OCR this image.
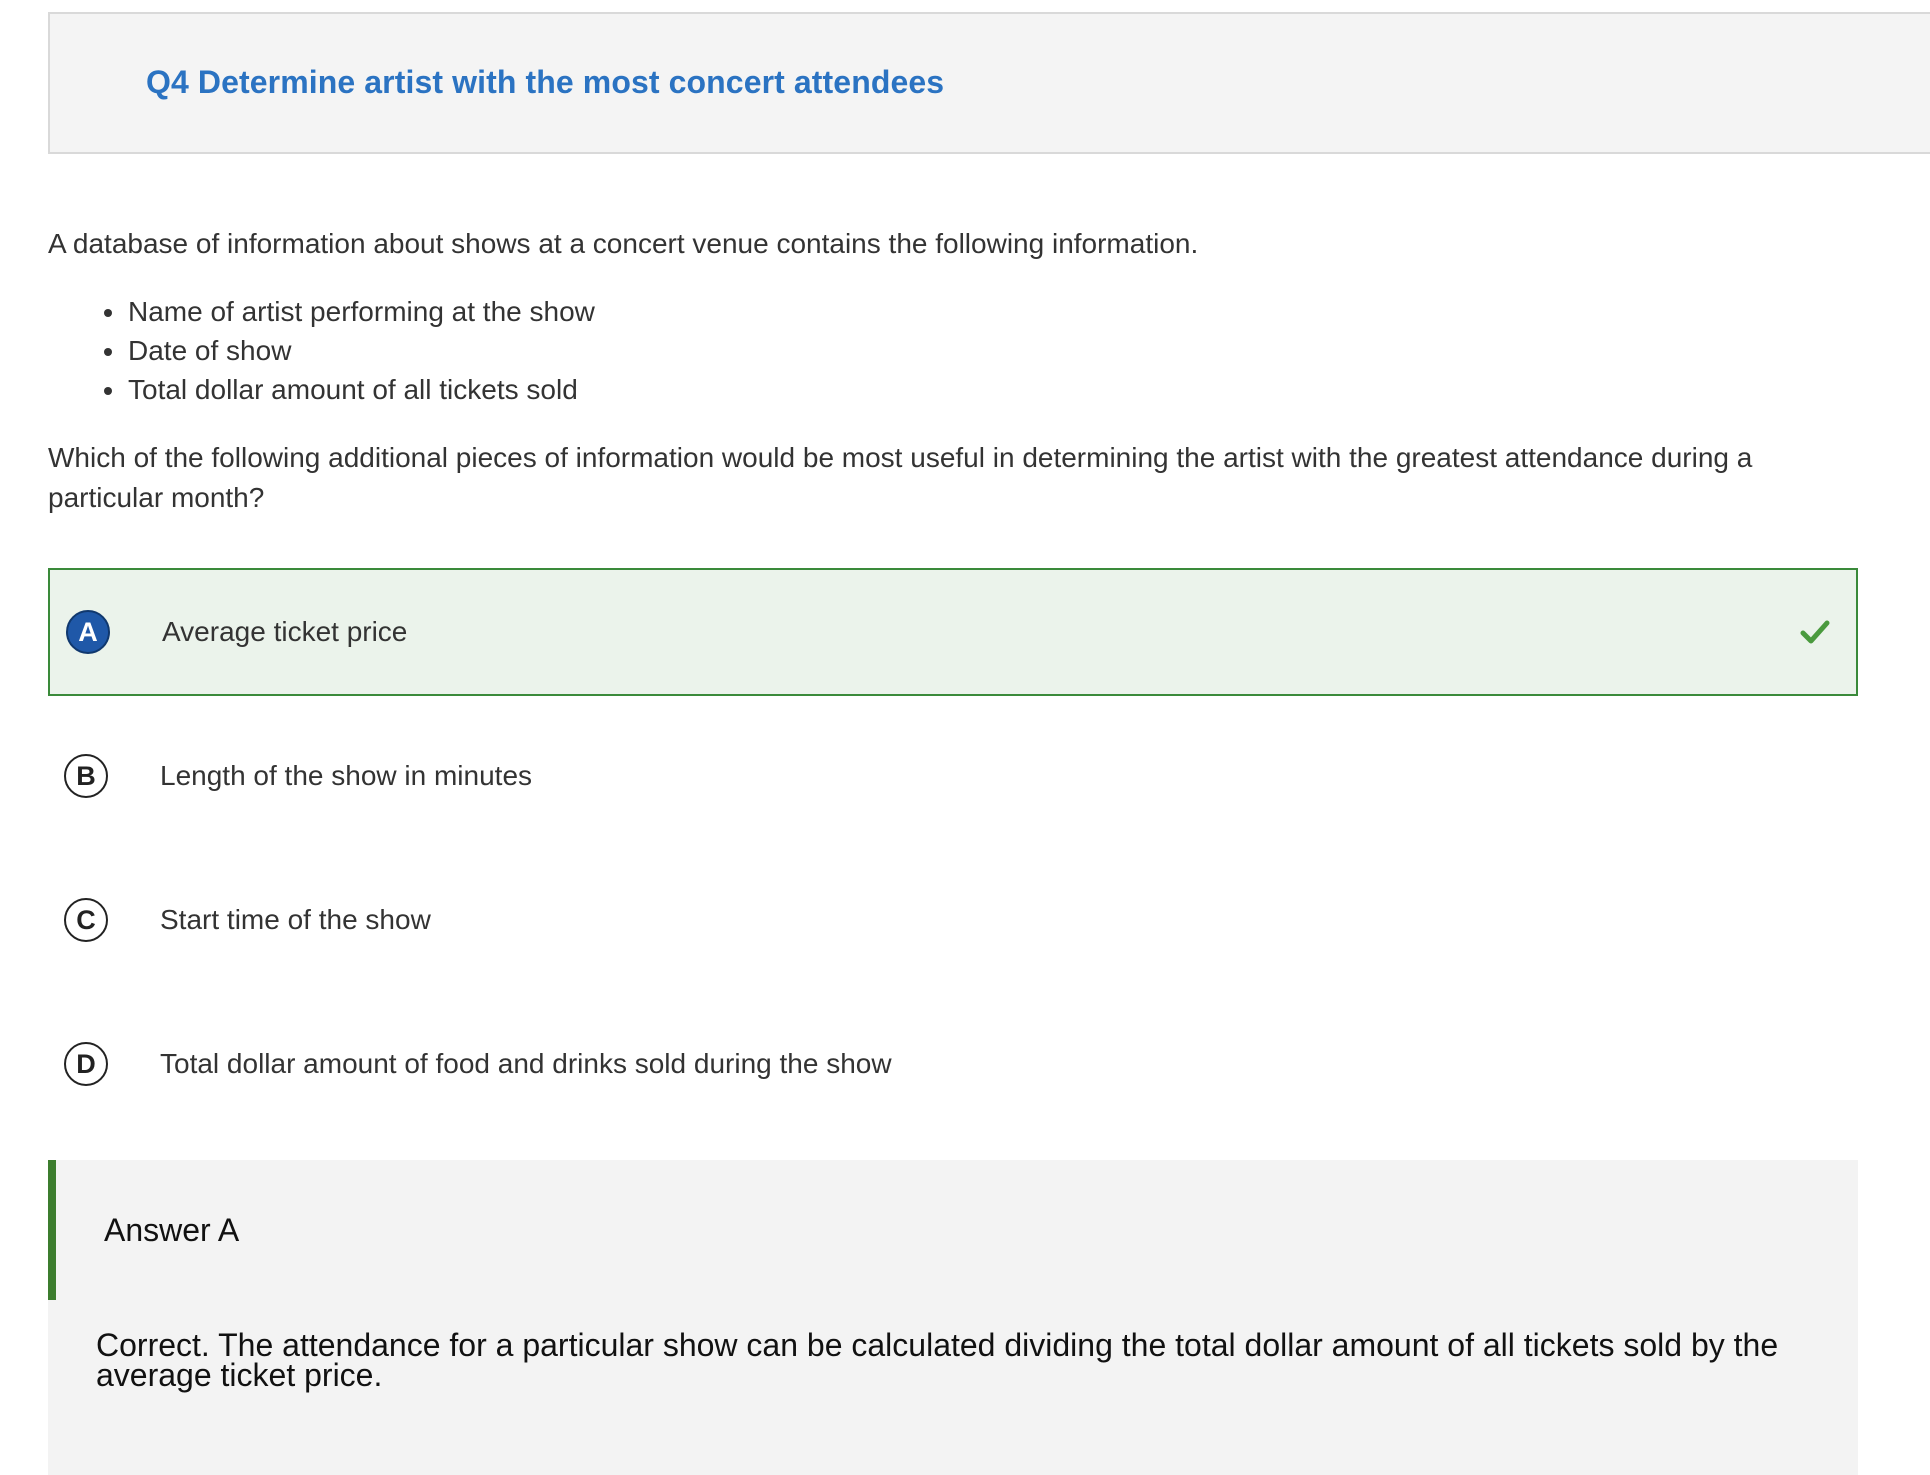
Q4 Determine artist with the most concert attendees
A database of information about shows at a concert venue contains the following information.
Name of artist performing at the show
Date of show
Total dollar amount of all tickets sold
Which of the following additional pieces of information would be most useful in determining the artist with the greatest attendance during a particular month?
A	Average ticket price
B	Length of the show in minutes
C	Start time of the show
D	Total dollar amount of food and drinks sold during the show
Answer A
Correct. The attendance for a particular show can be calculated dividing the total dollar amount of all tickets sold by the average ticket price.
